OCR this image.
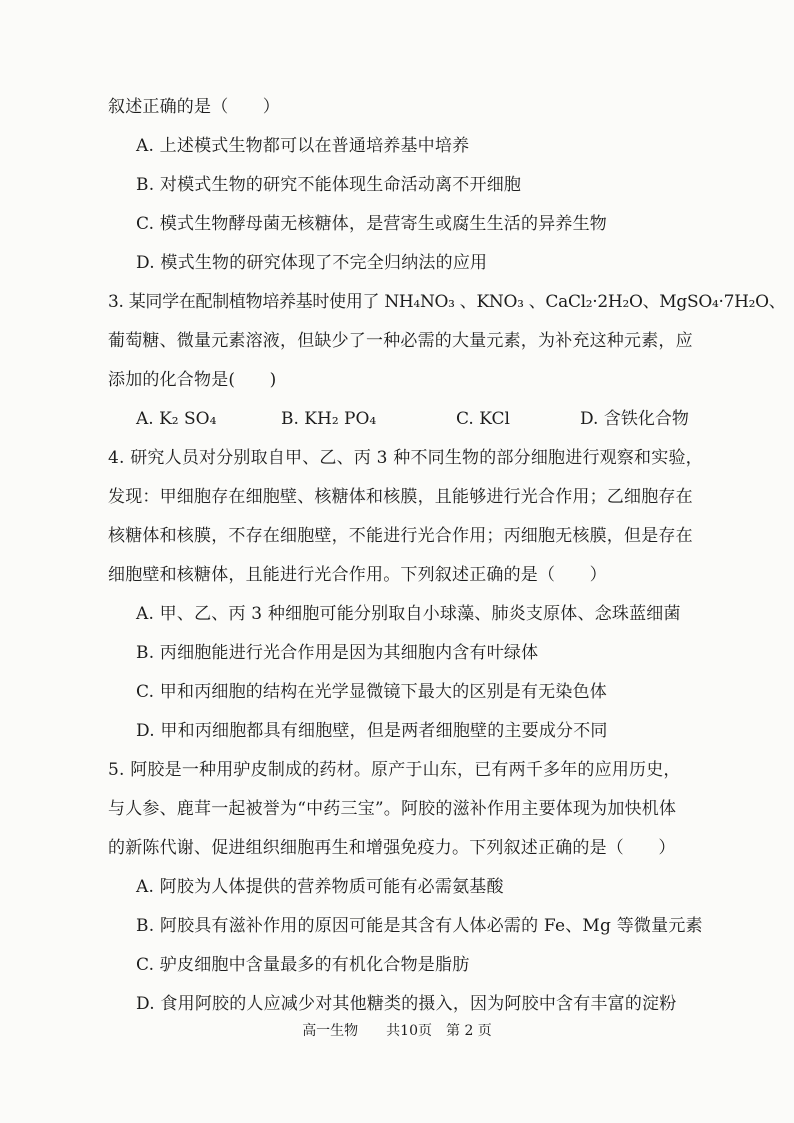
叙述正确的是（　　）
A. 上述模式生物都可以在普通培养基中培养
B. 对模式生物的研究不能体现生命活动离不开细胞
C. 模式生物酵母菌无核糖体，是营寄生或腐生生活的异养生物
D. 模式生物的研究体现了不完全归纳法的应用
3. 某同学在配制植物培养基时使用了 NH₄NO₃ 、KNO₃ 、CaCl₂·2H₂O、MgSO₄·7H₂O、
葡萄糖、微量元素溶液，但缺少了一种必需的大量元素，为补充这种元素，应
添加的化合物是(　　)
A. K₂ SO₄	B. KH₂ PO₄	C. KCl	D. 含铁化合物
4. 研究人员对分别取自甲、乙、丙 3 种不同生物的部分细胞进行观察和实验，
发现：甲细胞存在细胞壁、核糖体和核膜，且能够进行光合作用；乙细胞存在
核糖体和核膜，不存在细胞壁，不能进行光合作用；丙细胞无核膜，但是存在
细胞壁和核糖体，且能进行光合作用。下列叙述正确的是（　　）
A. 甲、乙、丙 3 种细胞可能分别取自小球藻、肺炎支原体、念珠蓝细菌
B. 丙细胞能进行光合作用是因为其细胞内含有叶绿体
C. 甲和丙细胞的结构在光学显微镜下最大的区别是有无染色体
D. 甲和丙细胞都具有细胞壁，但是两者细胞壁的主要成分不同
5. 阿胶是一种用驴皮制成的药材。原产于山东，已有两千多年的应用历史，
与人参、鹿茸一起被誉为“中药三宝”。阿胶的滋补作用主要体现为加快机体
的新陈代谢、促进组织细胞再生和增强免疫力。下列叙述正确的是（　　）
A. 阿胶为人体提供的营养物质可能有必需氨基酸
B. 阿胶具有滋补作用的原因可能是其含有人体必需的 Fe、Mg 等微量元素
C. 驴皮细胞中含量最多的有机化合物是脂肪
D. 食用阿胶的人应减少对其他糖类的摄入，因为阿胶中含有丰富的淀粉
高一生物　　共10页　第 2 页
